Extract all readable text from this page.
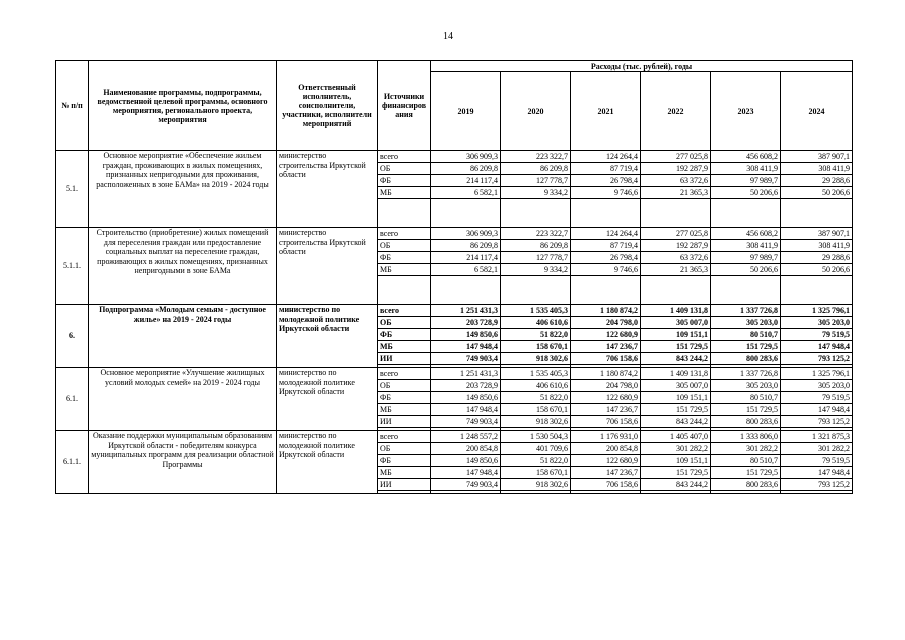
14
№ п/п	Наименование программы, подпрограммы, ведомственной целевой программы, основного мероприятия, регионального проекта, мероприятия	Ответственный исполнитель, соисполнители, участники, исполнители мероприятий	Источники финансиров ания	Расходы (тыс. рублей), годы					
				2019	2020	2021	2022	2023	2024
5.1.	Основное мероприятие «Обеспечение жильем граждан, проживающих в жилых помещениях, признанных непригодными для проживания, расположенных в зоне БАМа» на 2019 - 2024 годы	министерство строительства Иркутской области	всего	306 909,3	223 322,7	124 264,4	277 025,8	456 608,2	387 907,1
			ОБ	86 209,8	86 209,8	87 719,4	192 287,9	308 411,9	308 411,9
			ФБ	214 117,4	127 778,7	26 798,4	63 372,6	97 989,7	29 288,6
			МБ	6 582,1	9 334,2	9 746,6	21 365,3	50 206,6	50 206,6

5.1.1.	Строительство (приобретение) жилых помещений для переселения граждан или предоставление социальных выплат на переселение граждан, проживающих в жилых помещениях, признанных непригодными в зоне БАМа	министерство строительства Иркутской области	всего	306 909,3	223 322,7	124 264,4	277 025,8	456 608,2	387 907,1
			ОБ	86 209,8	86 209,8	87 719,4	192 287,9	308 411,9	308 411,9
			ФБ	214 117,4	127 778,7	26 798,4	63 372,6	97 989,7	29 288,6
			МБ	6 582,1	9 334,2	9 746,6	21 365,3	50 206,6	50 206,6

6.	Подпрограмма «Молодым семьям - доступное жилье» на 2019 - 2024 годы	министерство по молодежной политике Иркутской области	всего	1 251 431,3	1 535 405,3	1 180 874,2	1 409 131,8	1 337 726,8	1 325 796,1
			ОБ	203 728,9	406 610,6	204 798,0	305 007,0	305 203,0	305 203,0
			ФБ	149 850,6	51 822,0	122 680,9	109 151,1	80 510,7	79 519,5
			МБ	147 948,4	158 670,1	147 236,7	151 729,5	151 729,5	147 948,4
			ИИ	749 903,4	918 302,6	706 158,6	843 244,2	800 283,6	793 125,2

6.1.	Основное мероприятие «Улучшение жилищных условий молодых семей» на 2019 - 2024 годы	министерство по молодежной политике Иркутской области	всего	1 251 431,3	1 535 405,3	1 180 874,2	1 409 131,8	1 337 726,8	1 325 796,1
			ОБ	203 728,9	406 610,6	204 798,0	305 007,0	305 203,0	305 203,0
			ФБ	149 850,6	51 822,0	122 680,9	109 151,1	80 510,7	79 519,5
			МБ	147 948,4	158 670,1	147 236,7	151 729,5	151 729,5	147 948,4
			ИИ	749 903,4	918 302,6	706 158,6	843 244,2	800 283,6	793 125,2

6.1.1.	Оказание поддержки муниципальным образованиям Иркутской области - победителям конкурса муниципальных программ для реализации областной Программы	министерство по молодежной политике Иркутской области	всего	1 248 557,2	1 530 504,3	1 176 931,0	1 405 407,0	1 333 806,0	1 321 875,3
			ОБ	200 854,8	401 709,6	200 854,8	301 282,2	301 282,2	301 282,2
			ФБ	149 850,6	51 822,0	122 680,9	109 151,1	80 510,7	79 519,5
			МБ	147 948,4	158 670,1	147 236,7	151 729,5	151 729,5	147 948,4
			ИИ	749 903,4	918 302,6	706 158,6	843 244,2	800 283,6	793 125,2
